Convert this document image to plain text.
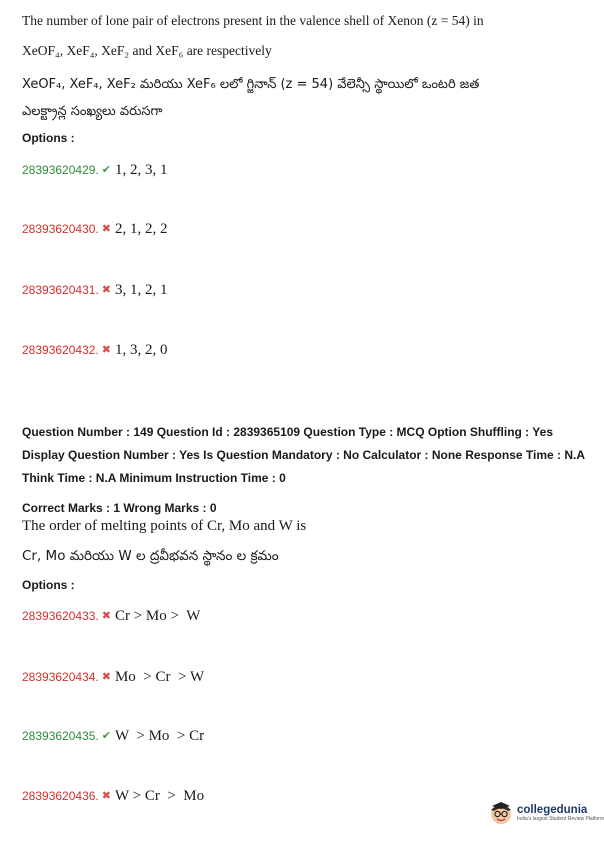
The number of lone pair of electrons present in the valence shell of Xenon (z = 54) in
XeOF₄, XeF₄, XeF₂ and XeF₆ are respectively
XeOF₄, XeF₄, XeF₂ మరియు XeF₆ లలో గ్జినాన్ (z = 54) వేలెన్సీ స్థాయిలో ఒంటరి జత
ఎలక్ట్రాన్ల సంఖ్యలు వరుసగా
Options :
28393620429. ✔ 1, 2, 3, 1
28393620430. ✖ 2, 1, 2, 2
28393620431. ✖ 3, 1, 2, 1
28393620432. ✖ 1, 3, 2, 0
Question Number : 149 Question Id : 2839365109 Question Type : MCQ Option Shuffling : Yes Display Question Number : Yes Is Question Mandatory : No Calculator : None Response Time : N.A Think Time : N.A Minimum Instruction Time : 0
Correct Marks : 1 Wrong Marks : 0
The order of melting points of Cr, Mo and W is
Cr, Mo మరియు W ల ద్రవీభవన స్థానం ల క్రమం
Options :
28393620433. ✖ Cr > Mo >  W
28393620434. ✖ Mo  > Cr  > W
28393620435. ✔ W  > Mo  > Cr
28393620436. ✖ W > Cr  >  Mo
collegedunia
India's largest Student Review Platform
